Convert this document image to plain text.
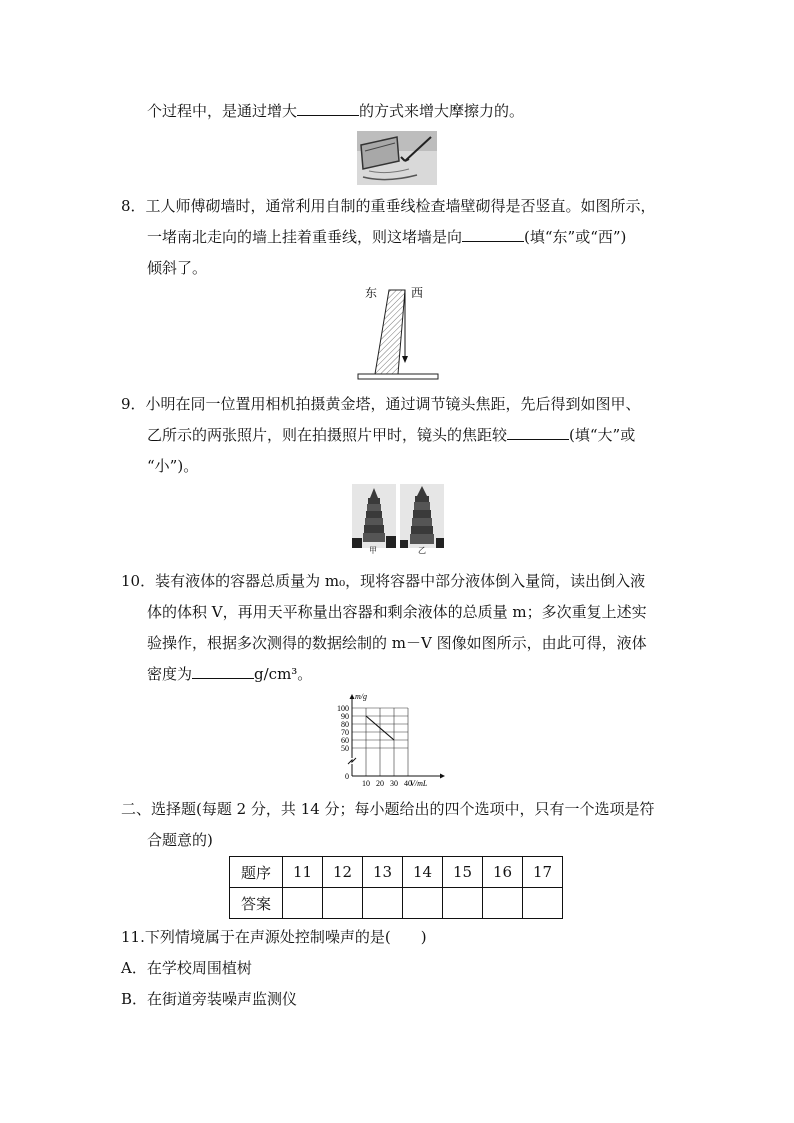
个过程中，是通过增大	的方式来增大摩擦力的。
8．工人师傅砌墙时，通常利用自制的重垂线检查墙壁砌得是否竖直。如图所示，
一堵南北走向的墙上挂着重垂线，则这堵墙是向	(填“东”或“西”)
倾斜了。
东	西
9．小明在同一位置用相机拍摄黄金塔，通过调节镜头焦距，先后得到如图甲、
乙所示的两张照片，则在拍摄照片甲时，镜头的焦距较	(填“大”或
“小”)。
甲	乙
10．装有液体的容器总质量为 m₀，现将容器中部分液体倒入量筒，读出倒入液
体的体积 V，再用天平称量出容器和剩余液体的总质量 m；多次重复上述实
验操作，根据多次测得的数据绘制的 m－V 图像如图所示，由此可得，液体
密度为	g/cm³。
100
90
80
70
60
50
0
10 20 30 40
m/g
V/mL
二、选择题(每题 2 分，共 14 分；每小题给出的四个选项中，只有一个选项是符
合题意的)
题序	11	12	13	14	15	16	17
答案							
11.下列情境属于在声源处控制噪声的是(　　)
A．在学校周围植树
B．在街道旁装噪声监测仪
